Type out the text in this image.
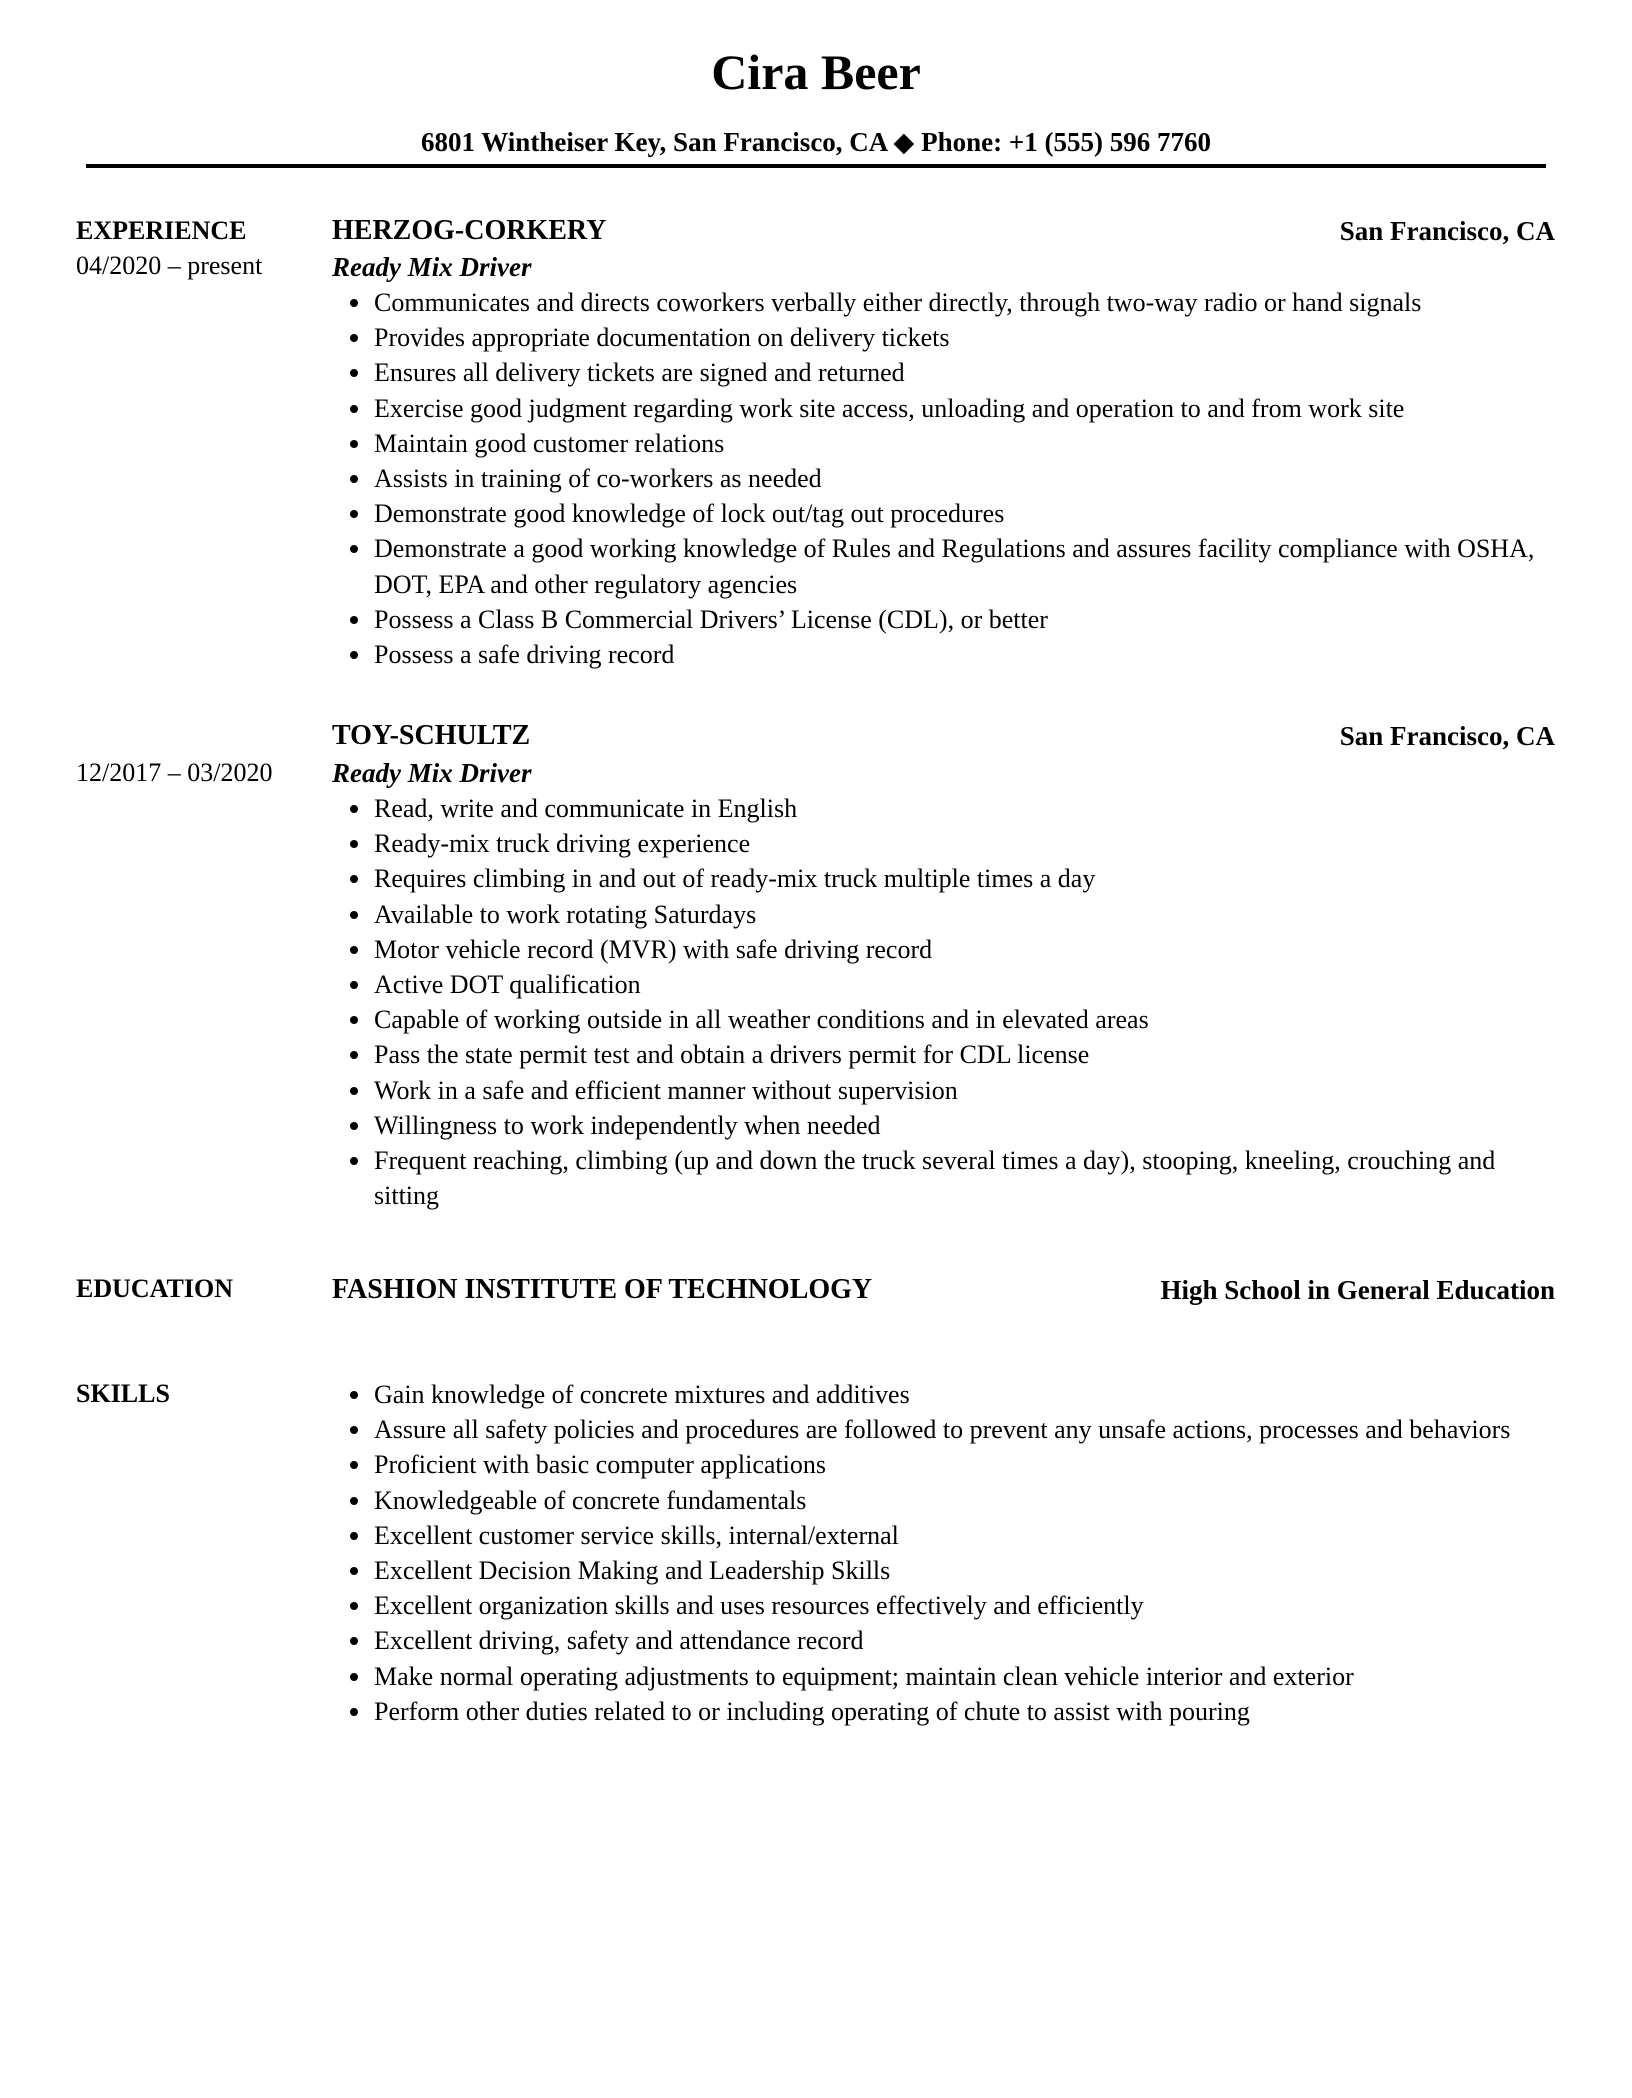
Cira Beer
6801 Wintheiser Key, San Francisco, CA ◆ Phone: +1 (555) 596 7760
EXPERIENCE
04/2020 – present
HERZOG-CORKERY	San Francisco, CA
Ready Mix Driver
Communicates and directs coworkers verbally either directly, through two-way radio or hand signals
Provides appropriate documentation on delivery tickets
Ensures all delivery tickets are signed and returned
Exercise good judgment regarding work site access, unloading and operation to and from work site
Maintain good customer relations
Assists in training of co-workers as needed
Demonstrate good knowledge of lock out/tag out procedures
Demonstrate a good working knowledge of Rules and Regulations and assures facility compliance with OSHA, DOT, EPA and other regulatory agencies
Possess a Class B Commercial Drivers’ License (CDL), or better
Possess a safe driving record
12/2017 – 03/2020
TOY-SCHULTZ	San Francisco, CA
Ready Mix Driver
Read, write and communicate in English
Ready-mix truck driving experience
Requires climbing in and out of ready-mix truck multiple times a day
Available to work rotating Saturdays
Motor vehicle record (MVR) with safe driving record
Active DOT qualification
Capable of working outside in all weather conditions and in elevated areas
Pass the state permit test and obtain a drivers permit for CDL license
Work in a safe and efficient manner without supervision
Willingness to work independently when needed
Frequent reaching, climbing (up and down the truck several times a day), stooping, kneeling, crouching and sitting
EDUCATION	FASHION INSTITUTE OF TECHNOLOGY	High School in General Education
SKILLS	Gain knowledge of concrete mixtures and additives
Assure all safety policies and procedures are followed to prevent any unsafe actions, processes and behaviors
Proficient with basic computer applications
Knowledgeable of concrete fundamentals
Excellent customer service skills, internal/external
Excellent Decision Making and Leadership Skills
Excellent organization skills and uses resources effectively and efficiently
Excellent driving, safety and attendance record
Make normal operating adjustments to equipment; maintain clean vehicle interior and exterior
Perform other duties related to or including operating of chute to assist with pouring
